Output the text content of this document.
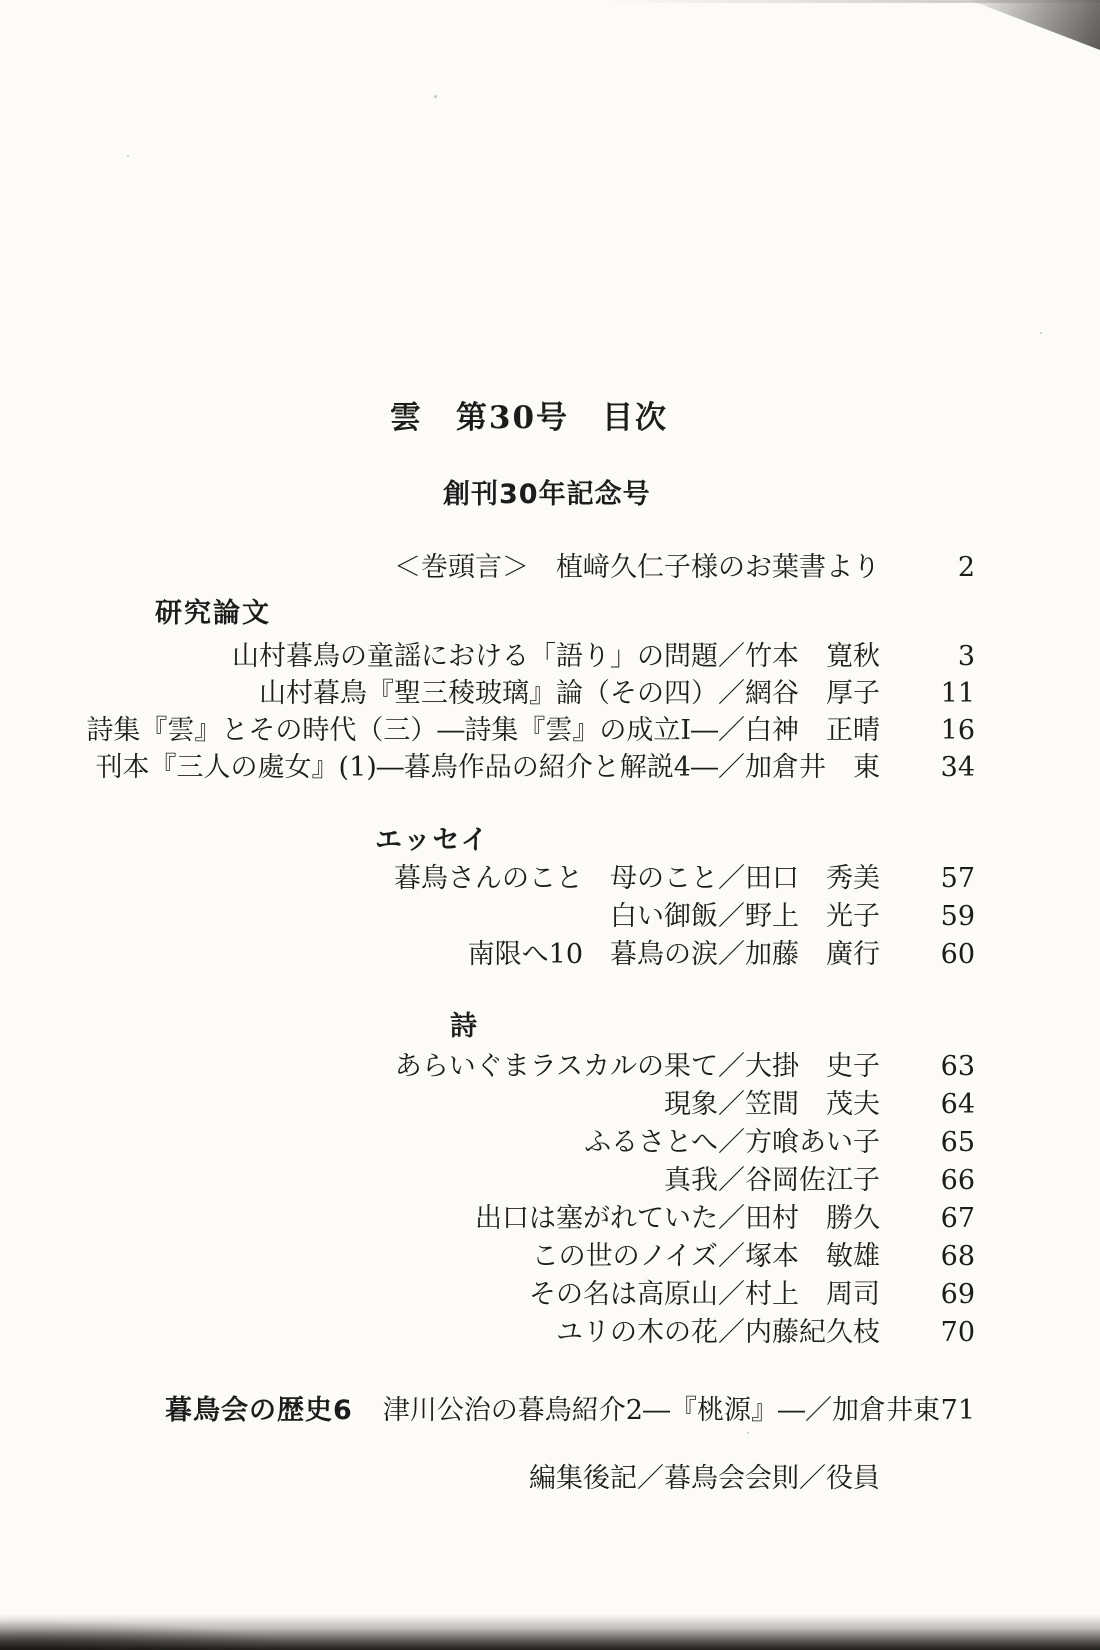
雲　第30号　目次
創刊30年記念号
＜巻頭言＞　植﨑久仁子様のお葉書より	2
研究論文
山村暮鳥の童謡における「語り」の問題／竹本　寛秋	3
山村暮鳥『聖三稜玻璃』論（その四）／網谷　厚子	11
詩集『雲』とその時代（三）―詩集『雲』の成立Ⅰ―／白神　正晴	16
刊本『三人の處女』(1)―暮鳥作品の紹介と解説4―／加倉井　東	34
エッセイ
暮鳥さんのこと　母のこと／田口　秀美	57
白い御飯／野上　光子	59
南限へ10　暮鳥の涙／加藤　廣行	60
詩
あらいぐまラスカルの果て／大掛　史子	63
現象／笠間　茂夫	64
ふるさとへ／方喰あい子	65
真我／谷岡佐江子	66
出口は塞がれていた／田村　勝久	67
この世のノイズ／塚本　敏雄	68
その名は高原山／村上　周司	69
ユリの木の花／内藤紀久枝	70
暮鳥会の歴史6 津川公治の暮鳥紹介2―『桃源』―／加倉井東 71
編集後記／暮鳥会会則／役員
